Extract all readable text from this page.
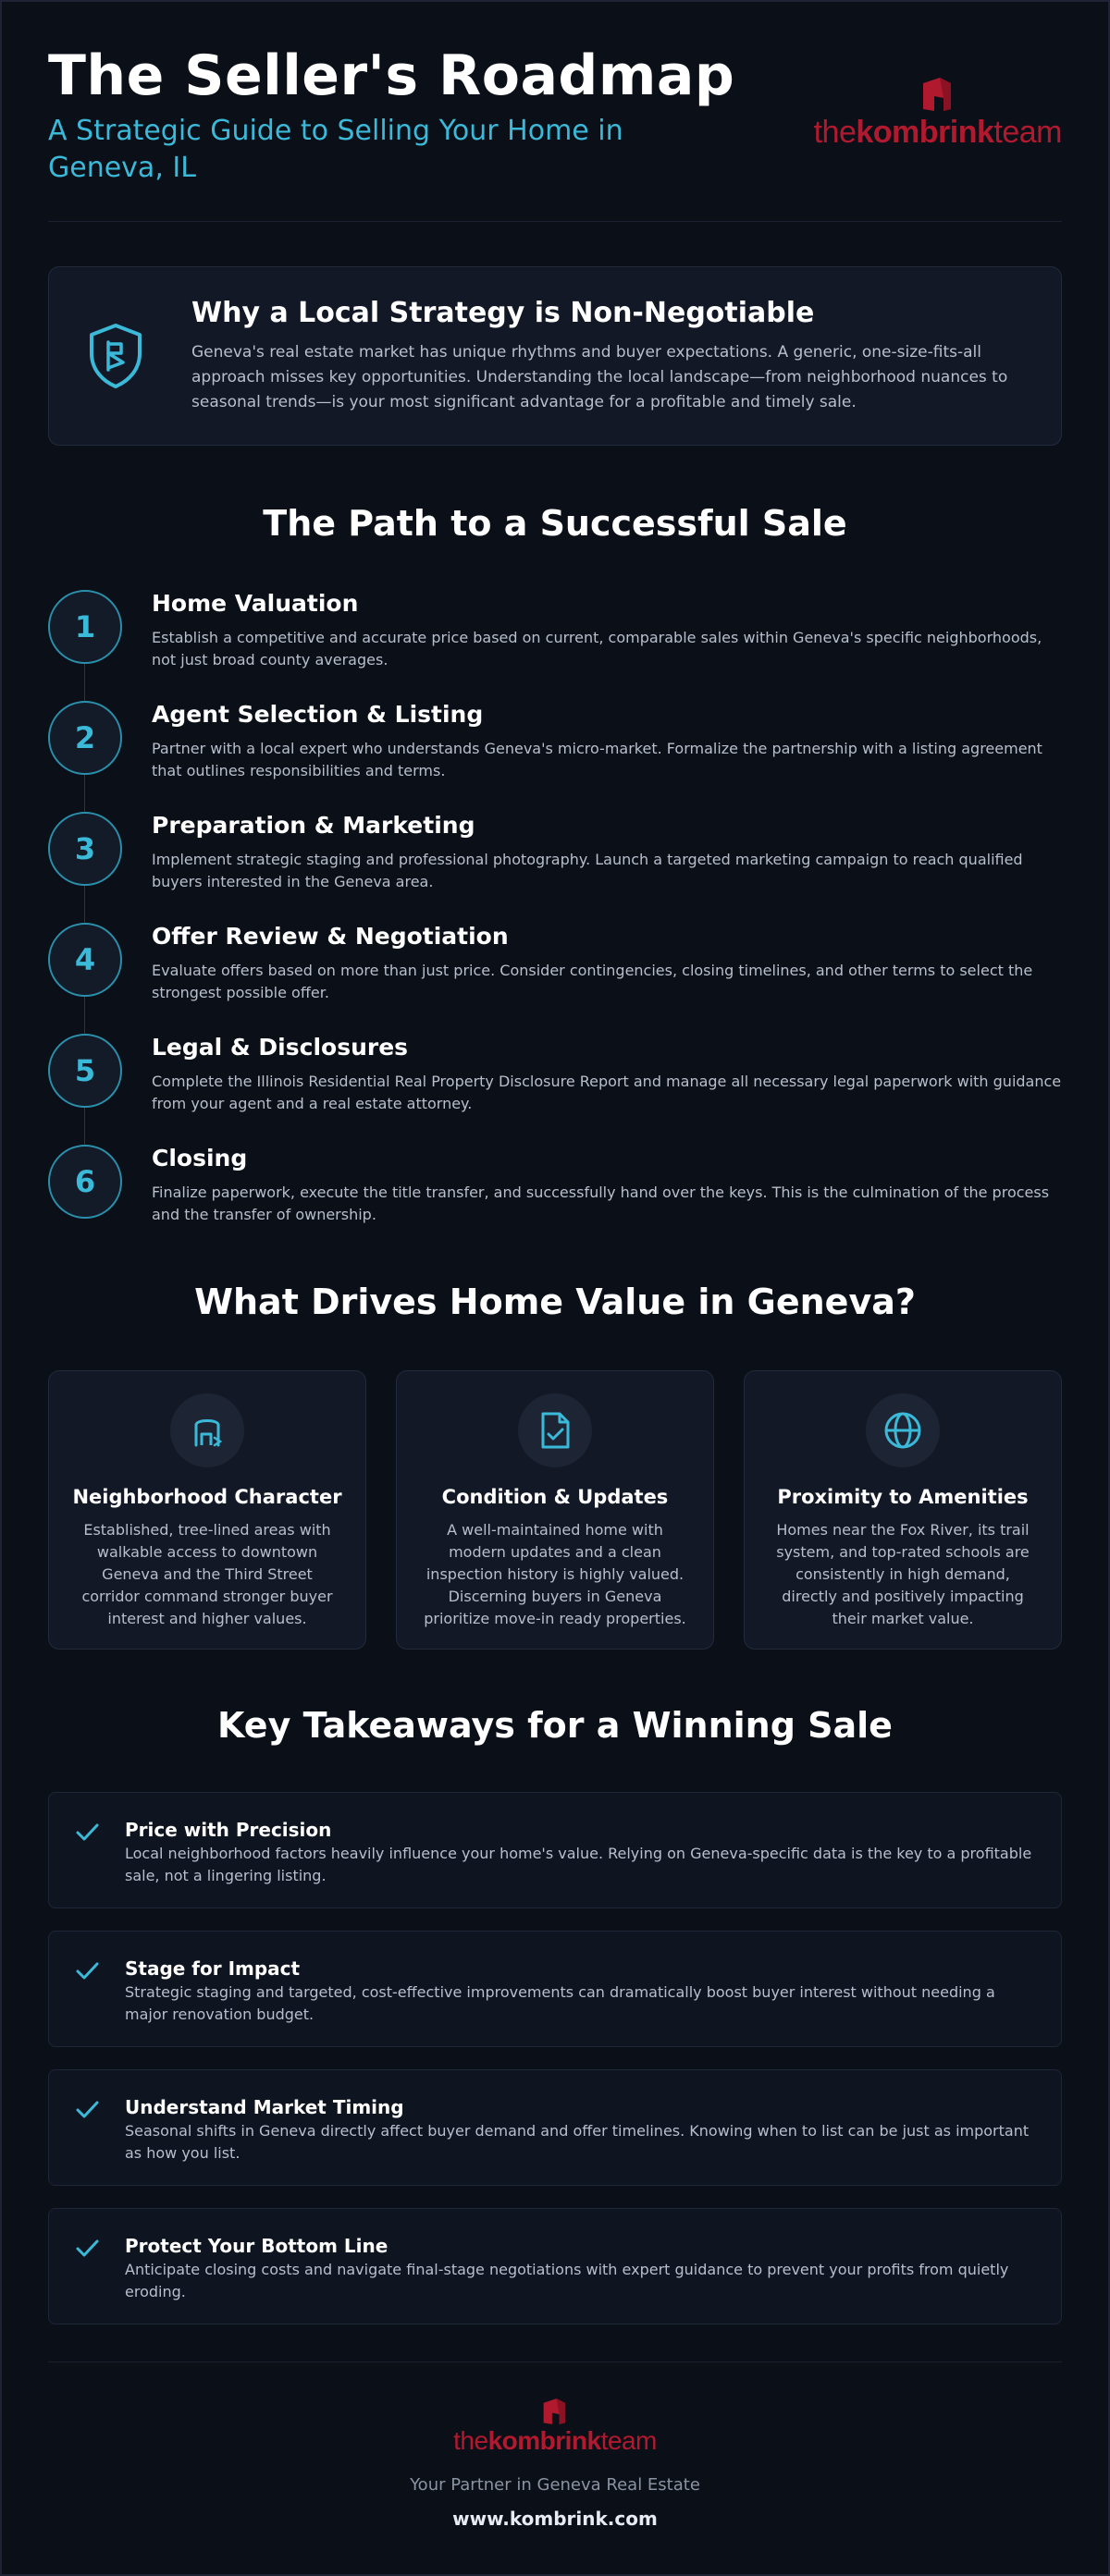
The Seller's Roadmap
A Strategic Guide to Selling Your Home in Geneva, IL
thekombrinkteam
Why a Local Strategy is Non-Negotiable

Geneva's real estate market has unique rhythms and buyer expectations. A generic, one-size-fits-all approach misses key opportunities. Understanding the local landscape—from neighborhood nuances to seasonal trends—is your most significant advantage for a profitable and timely sale.

The Path to a Successful Sale
1
Home Valuation
Establish a competitive and accurate price based on current, comparable sales within Geneva's specific neighborhoods, not just broad county averages.
2
Agent Selection & Listing
Partner with a local expert who understands Geneva's micro-market. Formalize the partnership with a listing agreement that outlines responsibilities and terms.
3
Preparation & Marketing
Implement strategic staging and professional photography. Launch a targeted marketing campaign to reach qualified buyers interested in the Geneva area.
4
Offer Review & Negotiation
Evaluate offers based on more than just price. Consider contingencies, closing timelines, and other terms to select the strongest possible offer.
5
Legal & Disclosures
Complete the Illinois Residential Real Property Disclosure Report and manage all necessary legal paperwork with guidance from your agent and a real estate attorney.
6
Closing
Finalize paperwork, execute the title transfer, and successfully hand over the keys. This is the culmination of the process and the transfer of ownership.
What Drives Home Value in Geneva?
Neighborhood Character
Established, tree-lined areas with walkable access to downtown Geneva and the Third Street corridor command stronger buyer interest and higher values.
Condition & Updates
A well-maintained home with modern updates and a clean inspection history is highly valued. Discerning buyers in Geneva prioritize move-in ready properties.
Proximity to Amenities
Homes near the Fox River, its trail system, and top-rated schools are consistently in high demand, directly and positively impacting their market value.
Key Takeaways for a Winning Sale
Price with Precision
Local neighborhood factors heavily influence your home's value. Relying on Geneva-specific data is the key to a profitable sale, not a lingering listing.
Stage for Impact
Strategic staging and targeted, cost-effective improvements can dramatically boost buyer interest without needing a major renovation budget.
Understand Market Timing
Seasonal shifts in Geneva directly affect buyer demand and offer timelines. Knowing when to list can be just as important as how you list.
Protect Your Bottom Line
Anticipate closing costs and navigate final-stage negotiations with expert guidance to prevent your profits from quietly eroding.
thekombrinkteam
Your Partner in Geneva Real Estate
www.kombrink.com
